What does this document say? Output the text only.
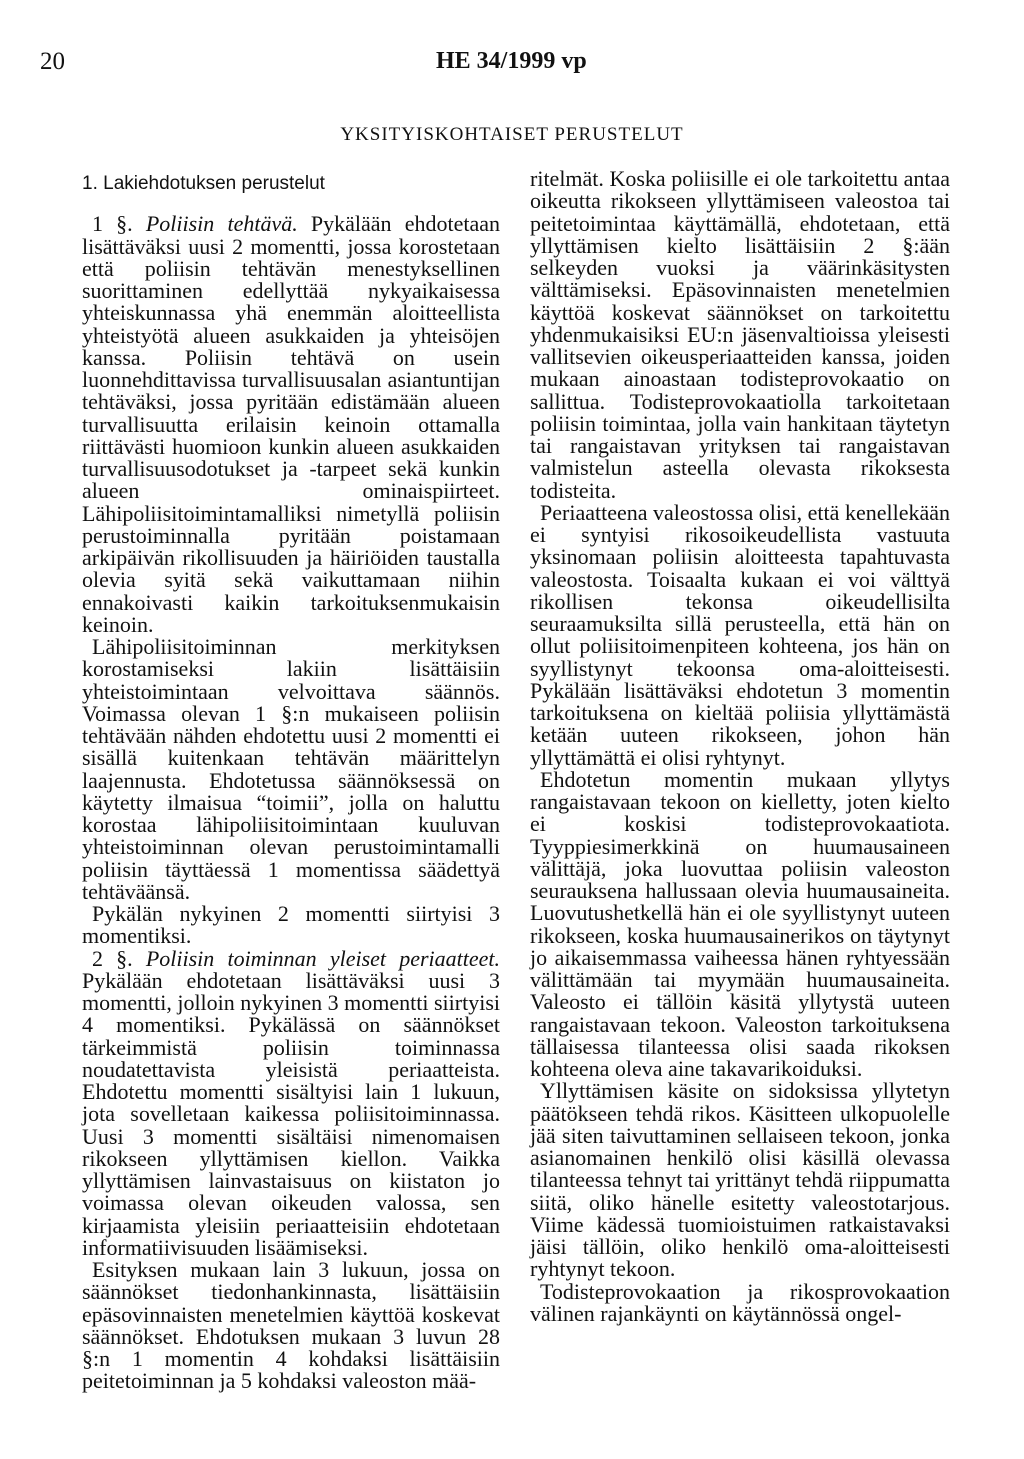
20	HE 34/1999 vp
YKSITYISKOHTAISET PERUSTELUT
1. Lakiehdotuksen perustelut

1 §. Poliisin tehtävä. Pykälään ehdotetaan lisättäväksi uusi 2 momentti, jossa korostetaan että poliisin tehtävän menestyksellinen suorittaminen edellyttää nykyaikaisessa yhteiskunnassa yhä enemmän aloitteellista yhteistyötä alueen asukkaiden ja yhteisöjen kanssa. Poliisin tehtävä on usein luonnehdittavissa turvallisuusalan asiantuntijan tehtäväksi, jossa pyritään edistämään alueen turvallisuutta erilaisin keinoin ottamalla riittävästi huomioon kunkin alueen asukkaiden turvallisuusodotukset ja -tarpeet sekä kunkin alueen ominaispiirteet. Lähipoliisitoimintamalliksi nimetyllä poliisin perustoiminnalla pyritään poistamaan arkipäivän rikollisuuden ja häiriöiden taustalla olevia syitä sekä vaikuttamaan niihin ennakoivasti kaikin tarkoituksenmukaisin keinoin.

Lähipoliisitoiminnan merkityksen korostamiseksi lakiin lisättäisiin yhteistoimintaan velvoittava säännös. Voimassa olevan 1 §:n mukaiseen poliisin tehtävään nähden ehdotettu uusi 2 momentti ei sisällä kuitenkaan tehtävän määrittelyn laajennusta. Ehdotetussa säännöksessä on käytetty ilmaisua “toimii”, jolla on haluttu korostaa lähipoliisitoimintaan kuuluvan yhteistoiminnan olevan perustoimintamalli poliisin täyttäessä 1 momentissa säädettyä tehtäväänsä.

Pykälän nykyinen 2 momentti siirtyisi 3 momentiksi.

2 §. Poliisin toiminnan yleiset periaatteet. Pykälään ehdotetaan lisättäväksi uusi 3 momentti, jolloin nykyinen 3 momentti siirtyisi 4 momentiksi. Pykälässä on säännökset tärkeimmistä poliisin toiminnassa noudatettavista yleisistä periaatteista. Ehdotettu momentti sisältyisi lain 1 lukuun, jota sovelletaan kaikessa poliisitoiminnassa. Uusi 3 momentti sisältäisi nimenomaisen rikokseen yllyttämisen kiellon. Vaikka yllyttämisen lainvastaisuus on kiistaton jo voimassa olevan oikeuden valossa, sen kirjaamista yleisiin periaatteisiin ehdotetaan informatiivisuuden lisäämiseksi.

Esityksen mukaan lain 3 lukuun, jossa on säännökset tiedonhankinnasta, lisättäisiin epäsovinnaisten menetelmien käyttöä koskevat säännökset. Ehdotuksen mukaan 3 luvun 28 §:n 1 momentin 4 kohdaksi lisättäisiin peitetoiminnan ja 5 kohdaksi valeoston mää-

ritelmät. Koska poliisille ei ole tarkoitettu antaa oikeutta rikokseen yllyttämiseen valeostoa tai peitetoimintaa käyttämällä, ehdotetaan, että yllyttämisen kielto lisättäisiin 2 §:ään selkeyden vuoksi ja väärinkäsitysten välttämiseksi. Epäsovinnaisten menetelmien käyttöä koskevat säännökset on tarkoitettu yhdenmukaisiksi EU:n jäsenvaltioissa yleisesti vallitsevien oikeusperiaatteiden kanssa, joiden mukaan ainoastaan todisteprovokaatio on sallittua. Todisteprovokaatiolla tarkoitetaan poliisin toimintaa, jolla vain hankitaan täytetyn tai rangaistavan yrityksen tai rangaistavan valmistelun asteella olevasta rikoksesta todisteita.

Periaatteena valeostossa olisi, että kenellekään ei syntyisi rikosoikeudellista vastuuta yksinomaan poliisin aloitteesta tapahtuvasta valeostosta. Toisaalta kukaan ei voi välttyä rikollisen tekonsa oikeudellisilta seuraamuksilta sillä perusteella, että hän on ollut poliisitoimenpiteen kohteena, jos hän on syyllistynyt tekoonsa oma-aloitteisesti. Pykälään lisättäväksi ehdotetun 3 momentin tarkoituksena on kieltää poliisia yllyttämästä ketään uuteen rikokseen, johon hän yllyttämättä ei olisi ryhtynyt.

Ehdotetun momentin mukaan yllytys rangaistavaan tekoon on kielletty, joten kielto ei koskisi todisteprovokaatiota. Tyyppiesimerkkinä on huumausaineen välittäjä, joka luovuttaa poliisin valeoston seurauksena hallussaan olevia huumausaineita. Luovutushetkellä hän ei ole syyllistynyt uuteen rikokseen, koska huumausainerikos on täytynyt jo aikaisemmassa vaiheessa hänen ryhtyessään välittämään tai myymään huumausaineita. Valeosto ei tällöin käsitä yllytystä uuteen rangaistavaan tekoon. Valeoston tarkoituksena tällaisessa tilanteessa olisi saada rikoksen kohteena oleva aine takavarikoiduksi.

Yllyttämisen käsite on sidoksissa yllytetyn päätökseen tehdä rikos. Käsitteen ulkopuolelle jää siten taivuttaminen sellaiseen tekoon, jonka asianomainen henkilö olisi käsillä olevassa tilanteessa tehnyt tai yrittänyt tehdä riippumatta siitä, oliko hänelle esitetty valeostotarjous. Viime kädessä tuomioistuimen ratkaistavaksi jäisi tällöin, oliko henkilö oma-aloitteisesti ryhtynyt tekoon.

Todisteprovokaation ja rikosprovokaation välinen rajankäynti on käytännössä ongel-
